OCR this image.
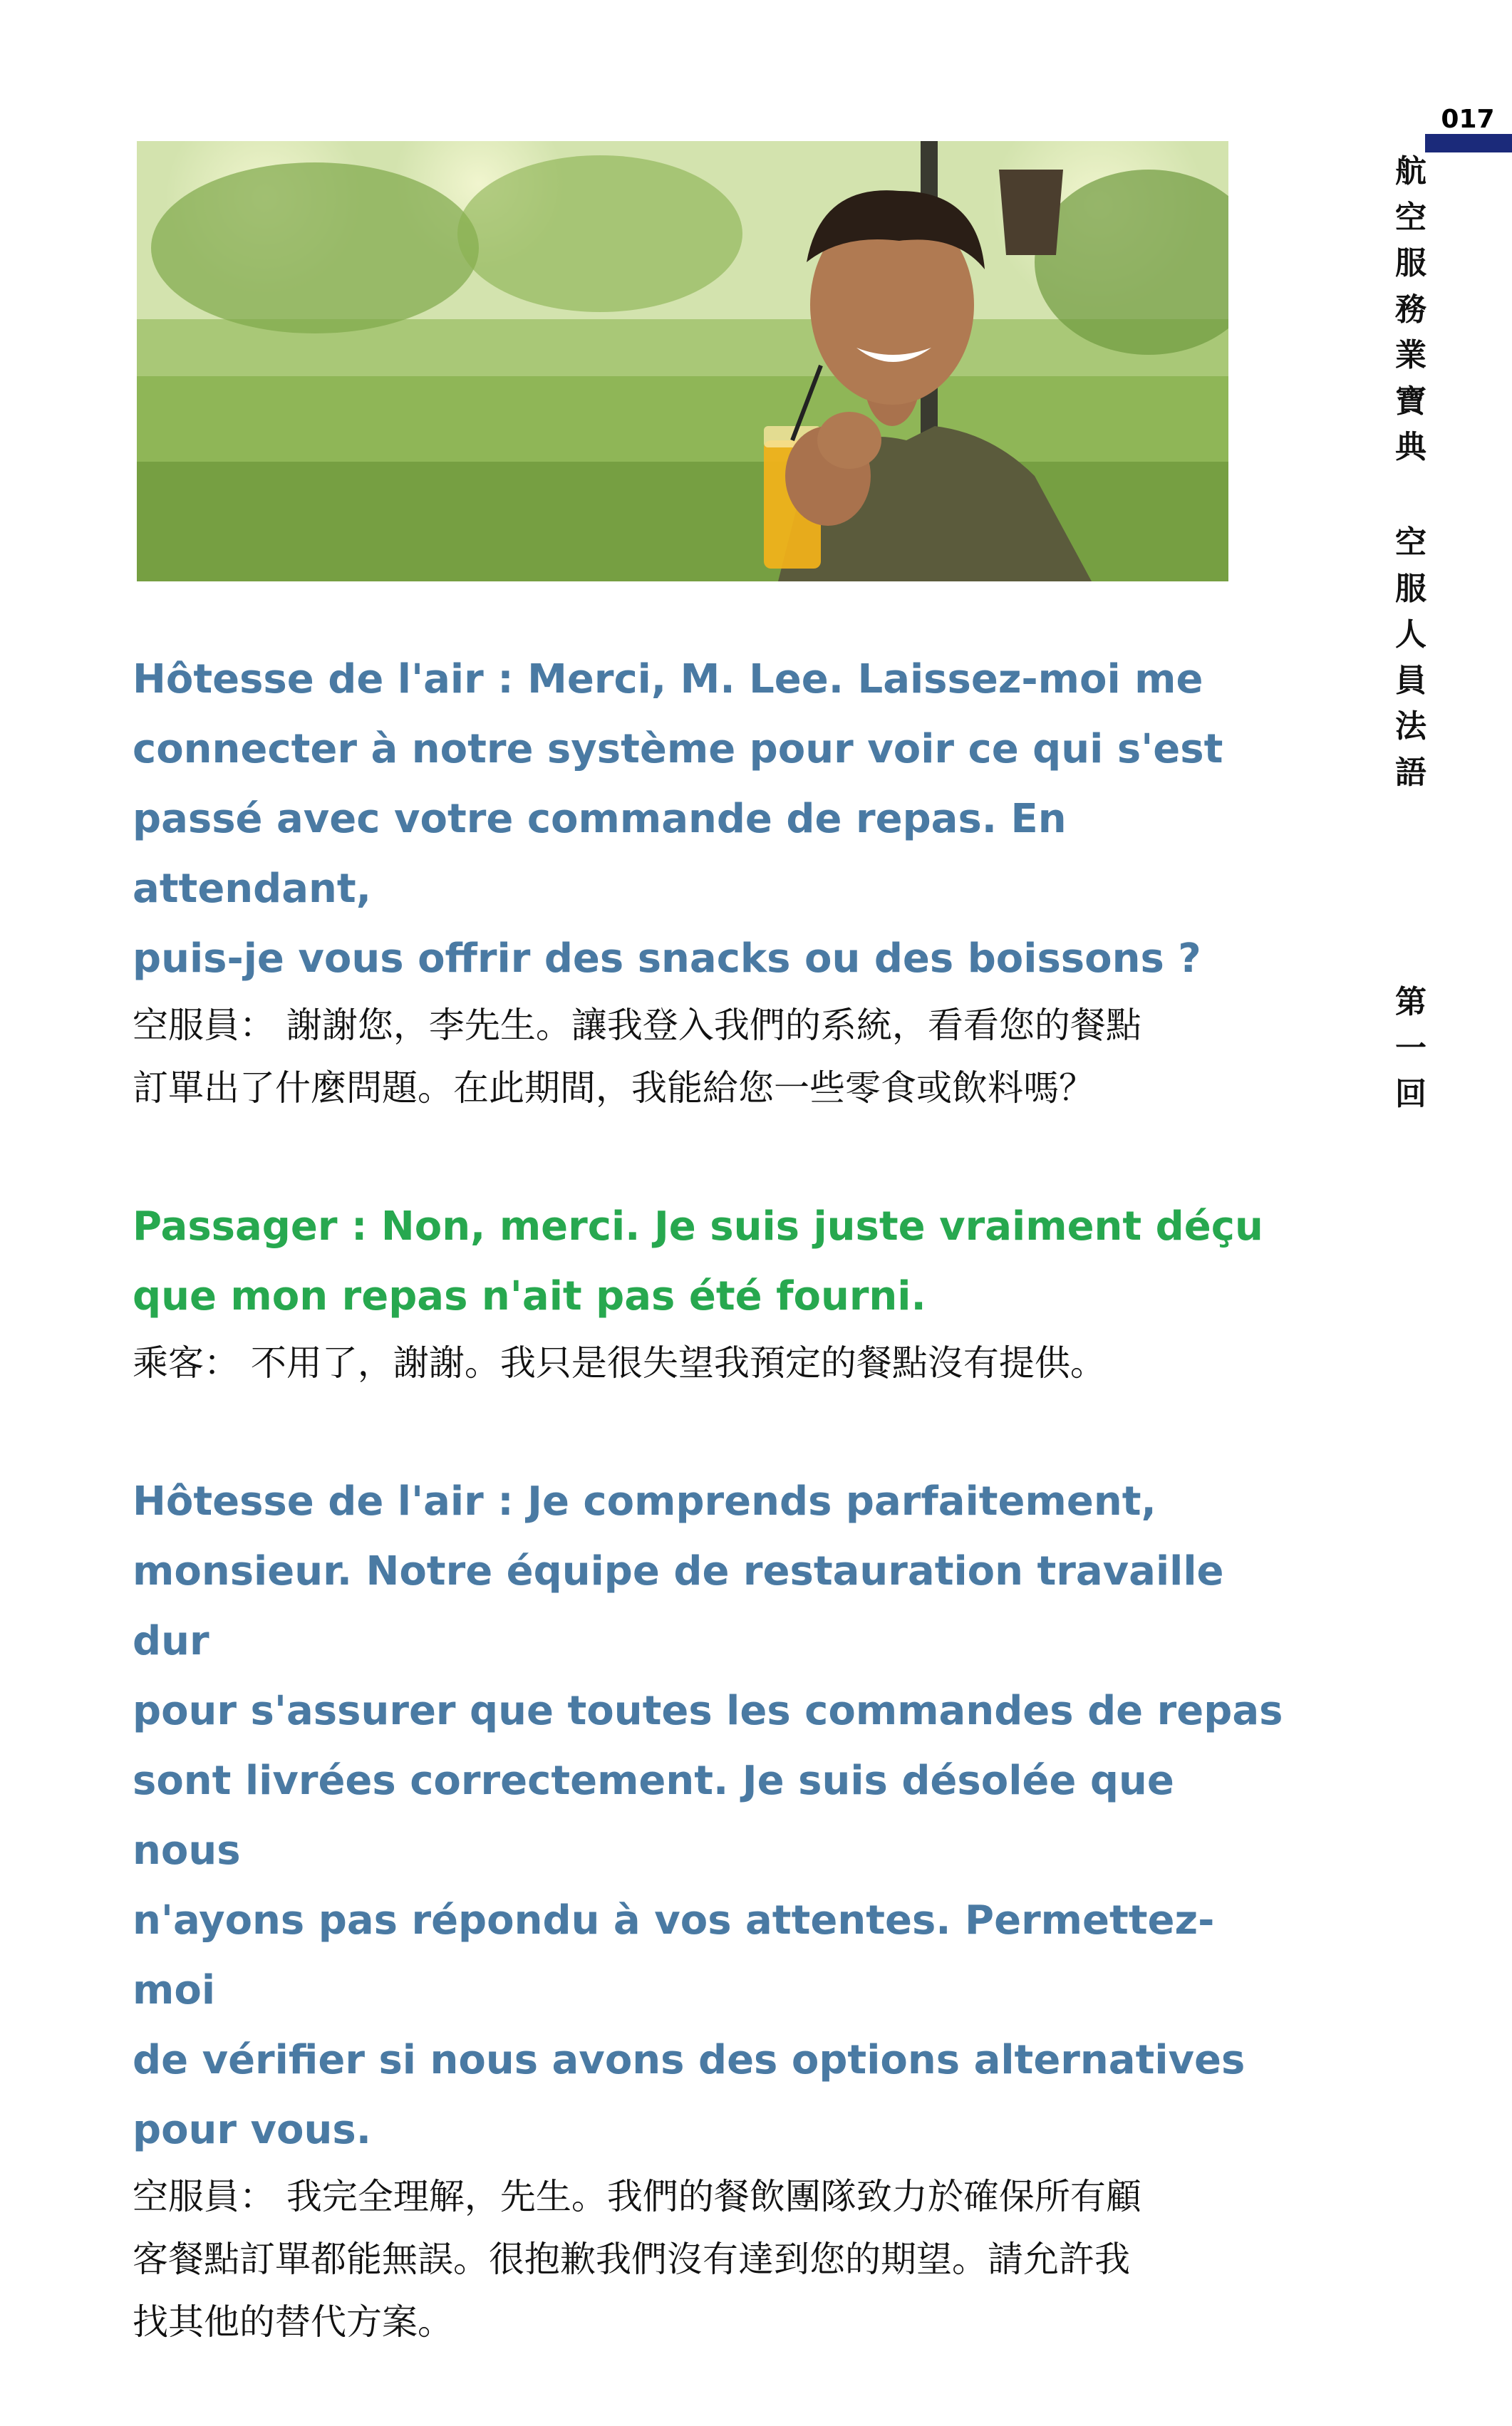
017
航
空
服
務
業
寶
典
空
服
人
員
法
語
第
一
回

Hôtesse de l'air : Merci, M. Lee. Laissez-moi me

connecter à notre système pour voir ce qui s'est

passé avec votre commande de repas. En attendant,

puis-je vous offrir des snacks ou des boissons ?

空服員： 謝謝您，李先生。讓我登入我們的系統，看看您的餐點

訂單出了什麼問題。在此期間，我能給您一些零食或飲料嗎？

Passager : Non, merci. Je suis juste vraiment déçu

que mon repas n'ait pas été fourni.

乘客： 不用了，謝謝。我只是很失望我預定的餐點沒有提供。

Hôtesse de l'air : Je comprends parfaitement,

monsieur. Notre équipe de restauration travaille dur

pour s'assurer que toutes les commandes de repas

sont livrées correctement. Je suis désolée que nous

n'ayons pas répondu à vos attentes. Permettez-moi

de vérifier si nous avons des options alternatives

pour vous.

空服員： 我完全理解，先生。我們的餐飲團隊致力於確保所有顧

客餐點訂單都能無誤。很抱歉我們沒有達到您的期望。請允許我

找其他的替代方案。
